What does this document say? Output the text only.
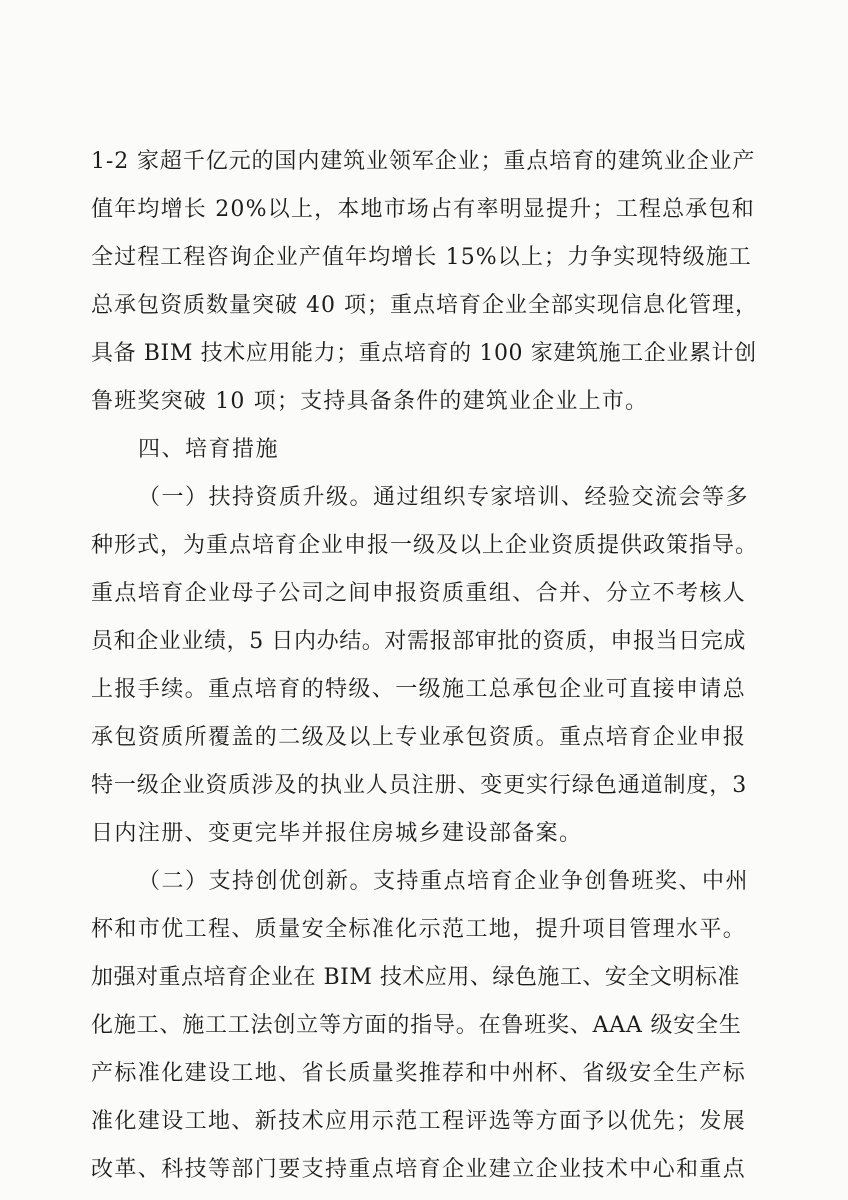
1-2 家超千亿元的国内建筑业领军企业；重点培育的建筑业企业产
值年均增长 20%以上，本地市场占有率明显提升；工程总承包和
全过程工程咨询企业产值年均增长 15%以上；力争实现特级施工
总承包资质数量突破 40 项；重点培育企业全部实现信息化管理，
具备 BIM 技术应用能力；重点培育的 100 家建筑施工企业累计创
鲁班奖突破 10 项；支持具备条件的建筑业企业上市。
四、培育措施
（一）扶持资质升级。通过组织专家培训、经验交流会等多
种形式，为重点培育企业申报一级及以上企业资质提供政策指导。
重点培育企业母子公司之间申报资质重组、合并、分立不考核人
员和企业业绩，5 日内办结。对需报部审批的资质，申报当日完成
上报手续。重点培育的特级、一级施工总承包企业可直接申请总
承包资质所覆盖的二级及以上专业承包资质。重点培育企业申报
特一级企业资质涉及的执业人员注册、变更实行绿色通道制度，3
日内注册、变更完毕并报住房城乡建设部备案。
（二）支持创优创新。支持重点培育企业争创鲁班奖、中州
杯和市优工程、质量安全标准化示范工地，提升项目管理水平。
加强对重点培育企业在 BIM 技术应用、绿色施工、安全文明标准
化施工、施工工法创立等方面的指导。在鲁班奖、AAA 级安全生
产标准化建设工地、省长质量奖推荐和中州杯、省级安全生产标
准化建设工地、新技术应用示范工程评选等方面予以优先；发展
改革、科技等部门要支持重点培育企业建立企业技术中心和重点
